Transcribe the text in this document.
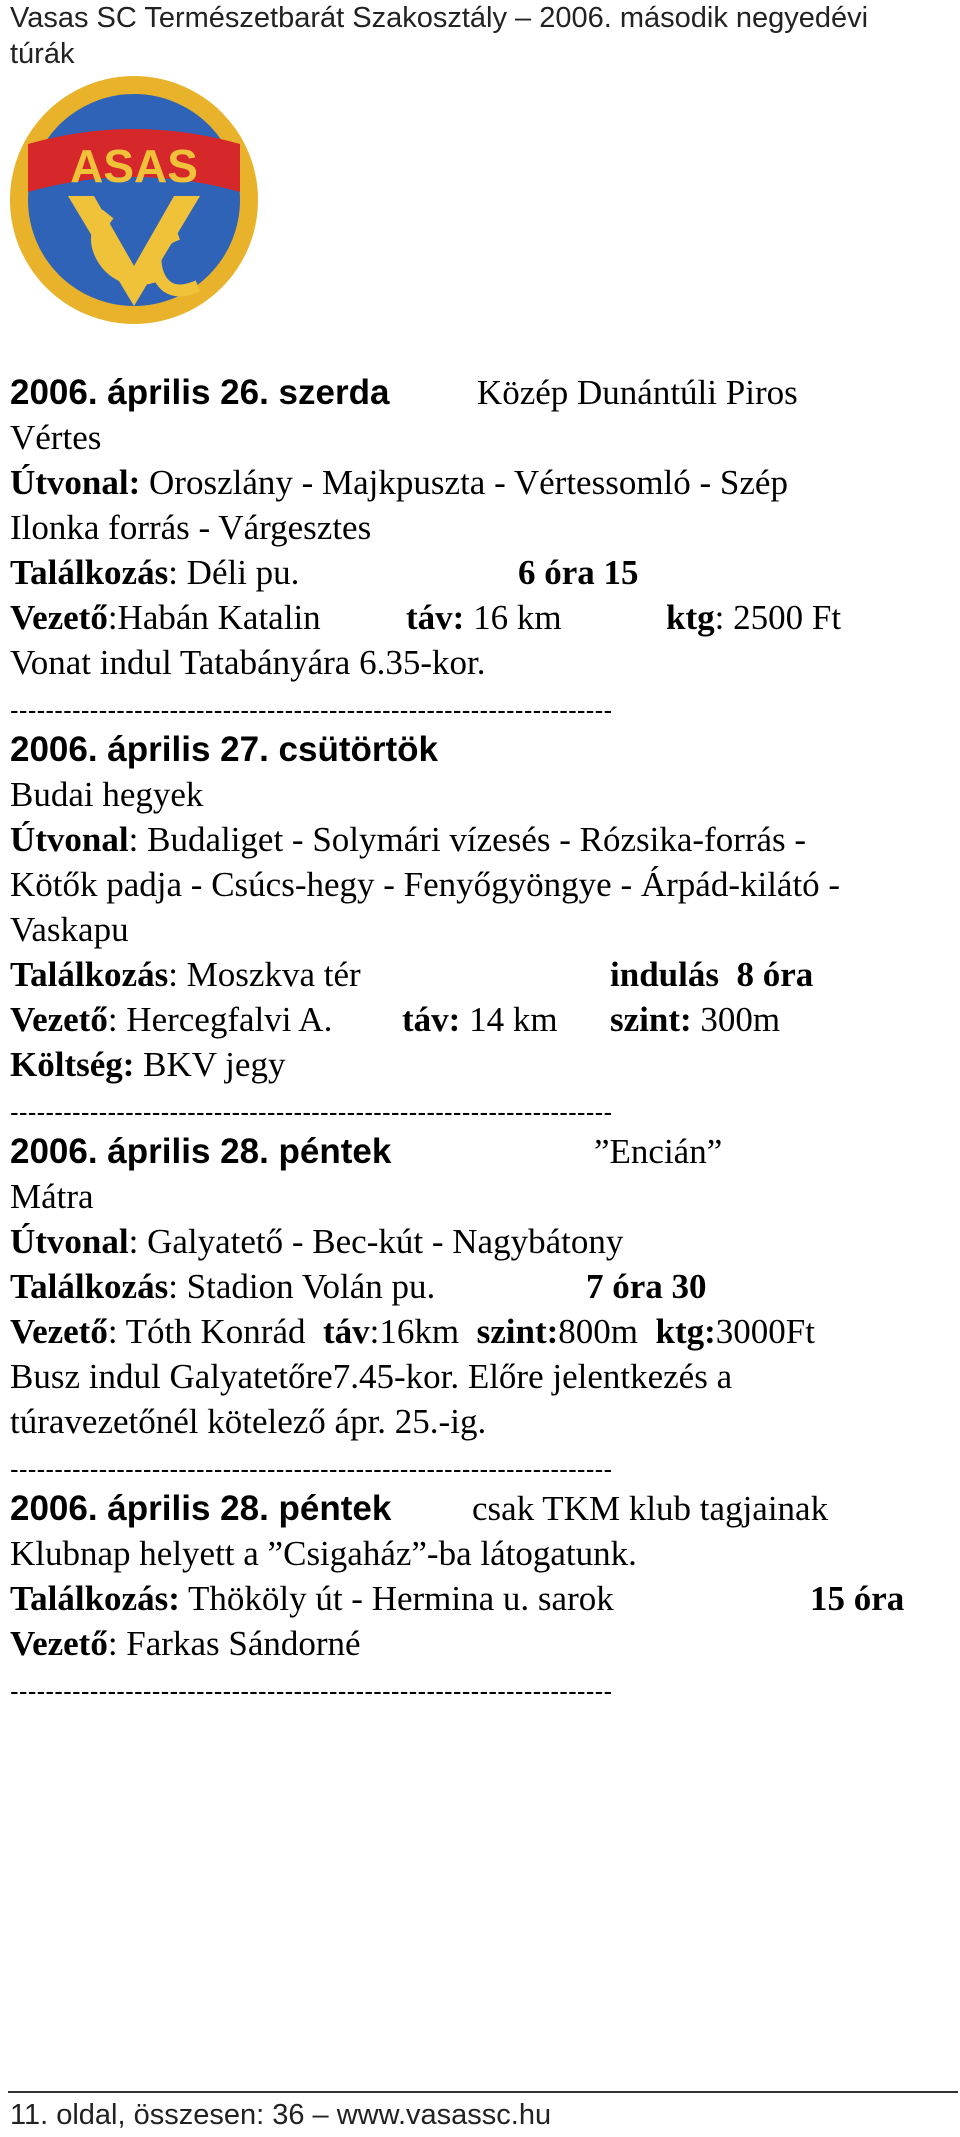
Vasas SC Természetbarát Szakosztály – 2006. második negyedévi túrák
ASAS
2006. április 26. szerda	Közép Dunántúli Piros
Vértes
Útvonal: Oroszlány - Majkpuszta - Vértessomló - Szép
Ilonka forrás - Várgesztes
Találkozás: Déli pu.	6 óra 15
Vezető:Habán Katalin táv: 16 km	ktg: 2500 Ft
Vonat indul Tatabányára 6.35-kor.
--------------------------------------------------------------------
2006. április 27. csütörtök
Budai hegyek
Útvonal: Budaliget - Solymári vízesés - Rózsika-forrás -
Kötők padja - Csúcs-hegy - Fenyőgyöngye - Árpád-kilátó -
Vaskapu
Találkozás: Moszkva tér	indulás 8 óra
Vezető: Hercegfalvi A. táv: 14 km szint: 300m
Költség: BKV jegy
--------------------------------------------------------------------
2006. április 28. péntek	”Encián”
Mátra
Útvonal: Galyatető - Bec-kút - Nagybátony
Találkozás: Stadion Volán pu.	7 óra 30
Vezető: Tóth Konrád táv:16km szint:800m ktg:3000Ft
Busz indul Galyatetőre7.45-kor. Előre jelentkezés a
túravezetőnél kötelező ápr. 25.-ig.
--------------------------------------------------------------------
2006. április 28. péntek csak TKM klub tagjainak
Klubnap helyett a ”Csigaház”-ba látogatunk.
Találkozás: Thököly út - Hermina u. sarok	15 óra
Vezető: Farkas Sándorné
--------------------------------------------------------------------
11. oldal, összesen: 36 – www.vasassc.hu
